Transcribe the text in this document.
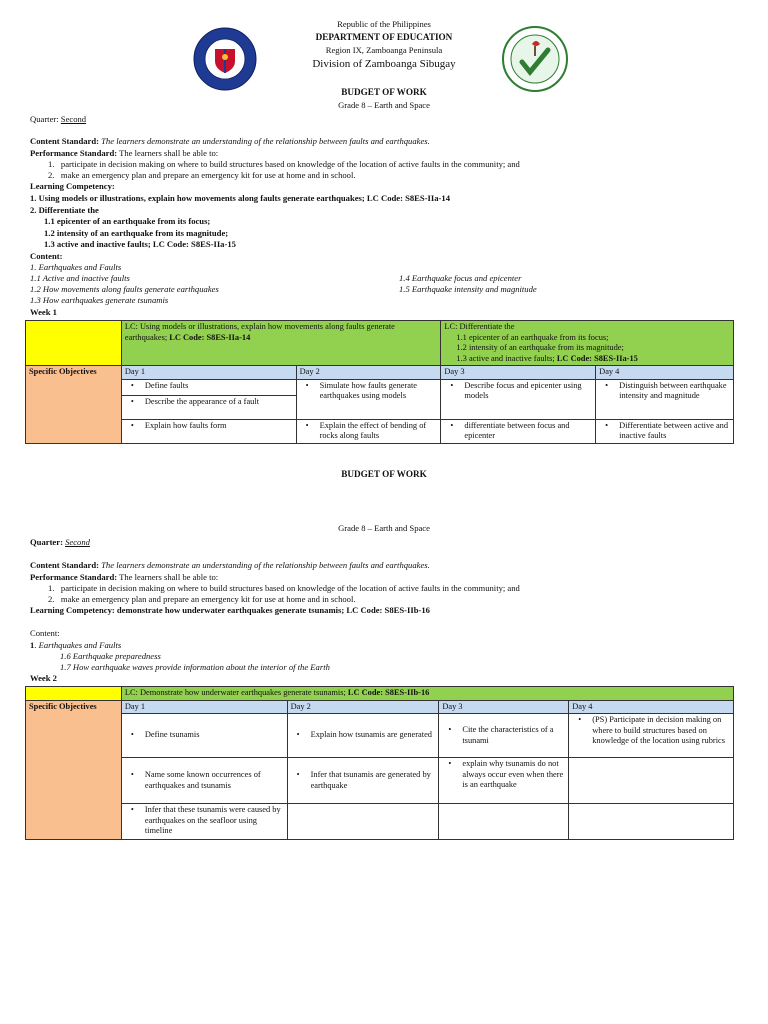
Republic of the Philippines
DEPARTMENT OF EDUCATION
Region IX, Zamboanga Peninsula
Division of Zamboanga Sibugay
BUDGET OF WORK
Grade 8 – Earth and Space
Quarter: Second
Content Standard: The learners demonstrate an understanding of the relationship between faults and earthquakes.
Performance Standard: The learners shall be able to:
1.   participate in decision making on where to build structures based on knowledge of the location of active faults in the community; and
2.   make an emergency plan and prepare an emergency kit for use at home and in school.
Learning Competency:
1. Using models or illustrations, explain how movements along faults generate earthquakes; LC Code: S8ES-IIa-14
2. Differentiate the
1.1 epicenter of an earthquake from its focus;
1.2 intensity of an earthquake from its magnitude;
1.3 active and inactive faults; LC Code: S8ES-IIa-15
Content:
1. Earthquakes and Faults
1.1 Active and inactive faults
1.2 How movements along faults generate earthquakes
1.3 How earthquakes generate tsunamis
1.4 Earthquake focus and epicenter
1.5 Earthquake intensity and magnitude
Week 1
	LC: Using models or illustrations, explain how movements along faults generate earthquakes; LC Code: S8ES-IIa-14		LC: Differentiate the
1.1 epicenter of an earthquake from its focus;
1.2 intensity of an earthquake from its magnitude;
1.3 active and inactive faults; LC Code: S8ES-IIa-15	

Specific Objectives	Day 1	Day 2	Day 3	Day 4

	• Define faults	• Simulate how faults generate earthquakes using models	• Describe focus and epicenter using models	• Distinguish between earthquake intensity and magnitude

	• Describe the appearance of a fault			

	• Explain how faults form	• Explain the effect of bending of rocks along faults	• differentiate between focus and epicenter	• Differentiate between active and inactive faults
BUDGET OF WORK
Grade 8 – Earth and Space
Quarter: Second
Content Standard: The learners demonstrate an understanding of the relationship between faults and earthquakes.
Performance Standard: The learners shall be able to:
1.   participate in decision making on where to build structures based on knowledge of the location of active faults in the community; and
2.   make an emergency plan and prepare an emergency kit for use at home and in school.
Learning Competency: demonstrate how underwater earthquakes generate tsunamis; LC Code: S8ES-IIb-16
Content:
1. Earthquakes and Faults
1.6 Earthquake preparedness
1.7 How earthquake waves provide information about the interior of the Earth
Week 2
	LC: Demonstrate how underwater earthquakes generate tsunamis; LC Code: S8ES-IIb-16			
Specific Objectives	Day 1	Day 2	Day 3	Day 4

	• Define tsunamis	• Explain how tsunamis are generated	• Cite the characteristics of a tsunami	• (PS) Participate in decision making on where to build structures based on knowledge of the location using rubrics

	• Name some known occurrences of earthquakes and tsunamis	• Infer that tsunamis are generated by earthquake	• explain why tsunamis do not always occur even when there is an earthquake	

	• Infer that these tsunamis were caused by earthquakes on the seafloor using timeline			
